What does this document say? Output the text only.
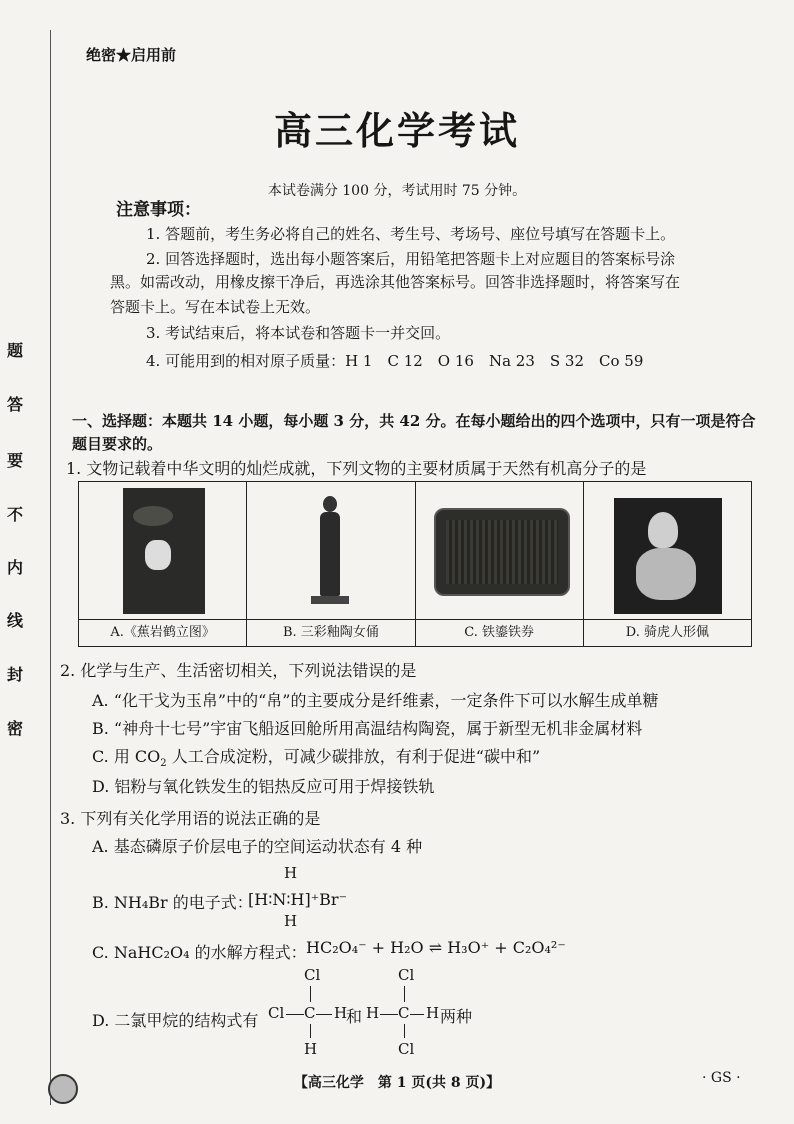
题
答
要
不
内
线
封
密
绝密★启用前
高三化学考试
本试卷满分 100 分，考试用时 75 分钟。
注意事项：
1. 答题前，考生务必将自己的姓名、考生号、考场号、座位号填写在答题卡上。
2. 回答选择题时，选出每小题答案后，用铅笔把答题卡上对应题目的答案标号涂
黑。如需改动，用橡皮擦干净后，再选涂其他答案标号。回答非选择题时，将答案写在
答题卡上。写在本试卷上无效。
3. 考试结束后，将本试卷和答题卡一并交回。
4. 可能用到的相对原子质量：H 1　C 12　O 16　Na 23　S 32　Co 59
一、选择题：本题共 14 小题，每小题 3 分，共 42 分。在每小题给出的四个选项中，只有一项是符合题目要求的。
1. 文物记载着中华文明的灿烂成就，下列文物的主要材质属于天然有机高分子的是
A.《蕉岩鹤立图》	B. 三彩釉陶女俑	C. 铁鎏铁券	D. 骑虎人形佩
2. 化学与生产、生活密切相关，下列说法错误的是
A. “化干戈为玉帛”中的“帛”的主要成分是纤维素，一定条件下可以水解生成单糖
B. “神舟十七号”宇宙飞船返回舱所用高温结构陶瓷，属于新型无机非金属材料
C. 用 $CO_2$ 人工合成淀粉，可减少碳排放，有利于促进“碳中和”
D. 铝粉与氧化铁发生的铝热反应可用于焊接铁轨
3. 下列有关化学用语的说法正确的是
A. 基态磷原子价层电子的空间运动状态有 4 种
B. NH₄Br 的电子式：
H
[H∶N∶H]⁺Br⁻
H
C. NaHC₂O₄ 的水解方程式： HC₂O₄⁻ + H₂O ⇌ H₃O⁺ + C₂O₄²⁻
D. 二氯甲烷的结构式有
Cl
Cl C H
H
和
Cl
H C H
Cl
两种
【高三化学　第 1 页(共 8 页)】	· GS ·
